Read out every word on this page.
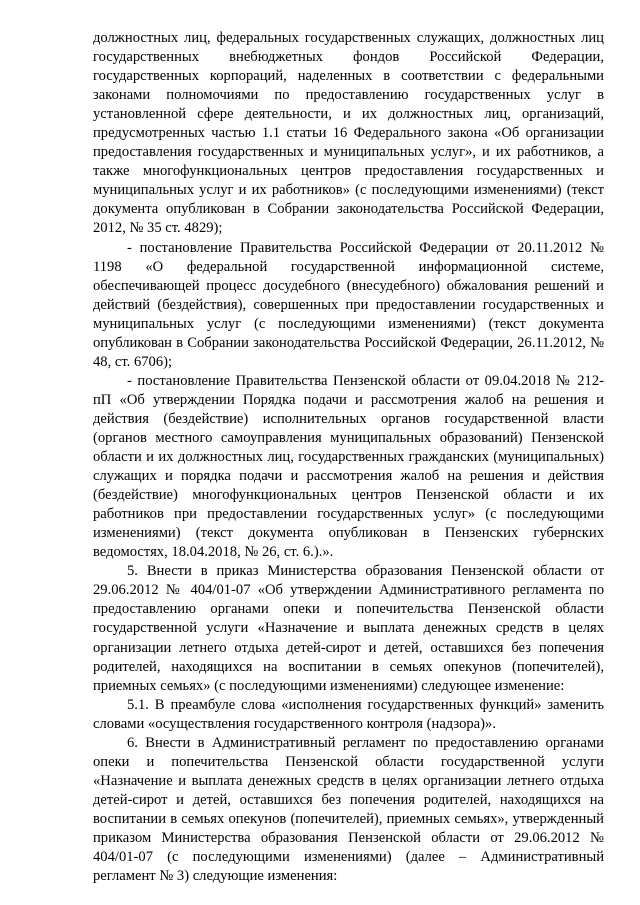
должностных лиц, федеральных государственных служащих, должностных лиц государственных внебюджетных фондов Российской Федерации, государственных корпораций, наделенных в соответствии с федеральными законами полномочиями по предоставлению государственных услуг в установленной сфере деятельности, и их должностных лиц, организаций, предусмотренных частью 1.1 статьи 16 Федерального закона «Об организации предоставления государственных и муниципальных услуг», и их работников, а также многофункциональных центров предоставления государственных и муниципальных услуг и их работников» (с последующими изменениями) (текст документа опубликован в Собрании законодательства Российской Федерации, 2012, № 35 ст. 4829);

- постановление Правительства Российской Федерации от 20.11.2012 № 1198 «О федеральной государственной информационной системе, обеспечивающей процесс досудебного (внесудебного) обжалования решений и действий (бездействия), совершенных при предоставлении государственных и муниципальных услуг (с последующими изменениями) (текст документа опубликован в Собрании законодательства Российской Федерации, 26.11.2012, № 48, ст. 6706);

- постановление Правительства Пензенской области от 09.04.2018 № 212-пП «Об утверждении Порядка подачи и рассмотрения жалоб на решения и действия (бездействие) исполнительных органов государственной власти (органов местного самоуправления муниципальных образований) Пензенской области и их должностных лиц, государственных гражданских (муниципальных) служащих и порядка подачи и рассмотрения жалоб на решения и действия (бездействие) многофункциональных центров Пензенской области и их работников при предоставлении государственных услуг» (с последующими изменениями) (текст документа опубликован в Пензенских губернских ведомостях, 18.04.2018, № 26, ст. 6.).».

5. Внести в приказ Министерства образования Пензенской области от 29.06.2012 № 404/01-07 «Об утверждении Административного регламента по предоставлению органами опеки и попечительства Пензенской области государственной услуги «Назначение и выплата денежных средств в целях организации летнего отдыха детей-сирот и детей, оставшихся без попечения родителей, находящихся на воспитании в семьях опекунов (попечителей), приемных семьях» (с последующими изменениями) следующее изменение:

5.1. В преамбуле слова «исполнения государственных функций» заменить словами «осуществления государственного контроля (надзора)».

6. Внести в Административный регламент по предоставлению органами опеки и попечительства Пензенской области государственной услуги «Назначение и выплата денежных средств в целях организации летнего отдыха детей-сирот и детей, оставшихся без попечения родителей, находящихся на воспитании в семьях опекунов (попечителей), приемных семьях», утвержденный приказом Министерства образования Пензенской области от 29.06.2012 № 404/01-07 (с последующими изменениями) (далее – Административный регламент № 3) следующие изменения:
